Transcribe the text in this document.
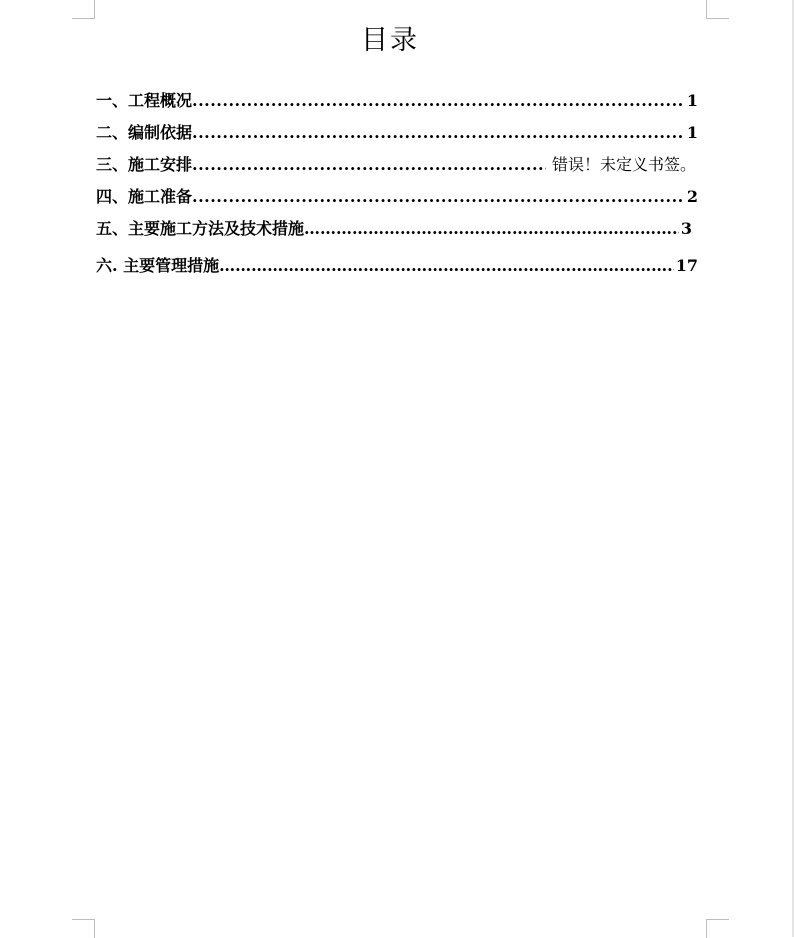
目录
一、工程概况 .....	1
二、编制依据 .....	1
三、施工安排 .....	错误！未定义书签。
四、施工准备 .....	2
五、主要施工方法及技术措施 …………………………………………………………………………………………………………………………	3
六. 主要管理措施 …………………………………………………………………………………………………………………………	17
